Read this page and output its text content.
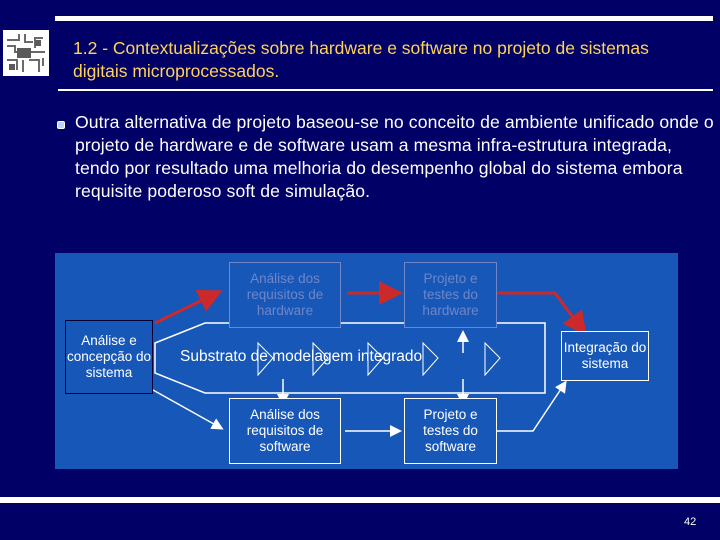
1.2 - Contextualizações sobre hardware e software no projeto de sistemas digitais microprocessados.
Outra alternativa de projeto baseou-se no conceito de ambiente unificado onde o projeto de hardware e de software usam a mesma infra-estrutura integrada, tendo por resultado uma melhoria do desempenho global do sistema embora requisite poderoso soft de simulação.
Análise e concepção do sistema
Análise dos requisitos de hardware
Projeto e testes do hardware
Integração do sistema
Análise dos requisitos de software
Projeto e testes do software
Substrato de modelagem integrado
42
